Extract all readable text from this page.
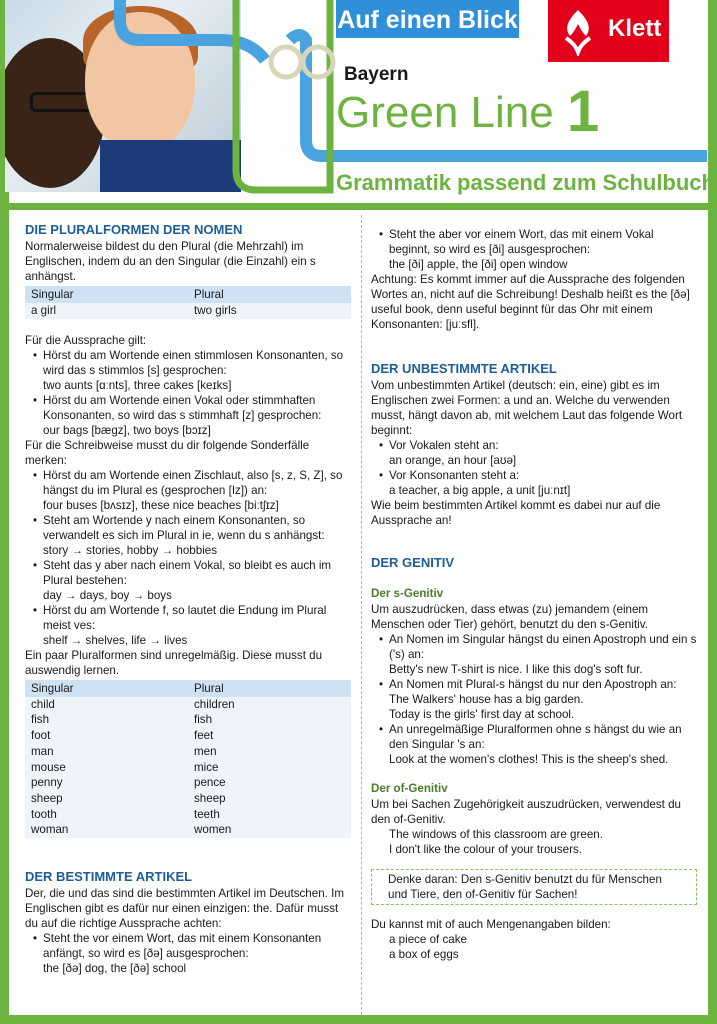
Auf einen Blick	Klett
Bayern
Green Line 1
Grammatik passend zum Schulbuch
DIE PLURALFORMEN DER NOMEN

Normalerweise bildest du den Plural (die Mehrzahl) im Englischen, indem du an den Singular (die Einzahl) ein s anhängst.

Singular	Plural
a girl	two girls

Für die Aussprache gilt:

• Hörst du am Wortende einen stimmlosen Konsonanten, so wird das s stimmlos [s] gesprochen:

two aunts [ɑːnts], three cakes [keɪks]

• Hörst du am Wortende einen Vokal oder stimmhaften Konsonanten, so wird das s stimmhaft [z] gesprochen:

our bags [bægz], two boys [bɔɪz]

Für die Schreibweise musst du dir folgende Sonderfälle merken:

• Hörst du am Wortende einen Zischlaut, also [s, z, S, Z], so hängst du im Plural es (gesprochen [Iz]) an:

four buses [bʌsɪz], these nice beaches [biːtʃɪz]

• Steht am Wortende y nach einem Konsonanten, so verwandelt es sich im Plural in ie, wenn du s anhängst:

story → stories, hobby → hobbies

• Steht das y aber nach einem Vokal, so bleibt es auch im Plural bestehen:

day → days, boy → boys

• Hörst du am Wortende f, so lautet die Endung im Plural meist ves:

shelf → shelves, life → lives

Ein paar Pluralformen sind unregelmäßig. Diese musst du auswendig lernen.

Singular	Plural
child	children
fish	fish
foot	feet
man	men
mouse	mice
penny	pence
sheep	sheep
tooth	teeth
woman	women
DER BESTIMMTE ARTIKEL

Der, die und das sind die bestimmten Artikel im Deutschen. Im Englischen gibt es dafür nur einen einzigen: the. Dafür musst du auf die richtige Aussprache achten:

• Steht the vor einem Wort, das mit einem Konsonanten anfängt, so wird es [ðə] ausgesprochen:

the [ðə] dog, the [ðə] school

• Steht the aber vor einem Wort, das mit einem Vokal beginnt, so wird es [ði] ausgesprochen:

the [ði] apple, the [ði] open window

Achtung: Es kommt immer auf die Aussprache des folgenden Wortes an, nicht auf die Schreibung! Deshalb heißt es the [ðə] useful book, denn useful beginnt für das Ohr mit einem Konsonanten: [juːsfl].

DER UNBESTIMMTE ARTIKEL

Vom unbestimmten Artikel (deutsch: ein, eine) gibt es im Englischen zwei Formen: a und an. Welche du verwenden musst, hängt davon ab, mit welchem Laut das folgende Wort beginnt:

• Vor Vokalen steht an:

an orange, an hour [aʊə]

• Vor Konsonanten steht a:

a teacher, a big apple, a unit [juːnɪt]

Wie beim bestimmten Artikel kommt es dabei nur auf die Aussprache an!

DER GENITIV
Der s-Genitiv

Um auszudrücken, dass etwas (zu) jemandem (einem Menschen oder Tier) gehört, benutzt du den s-Genitiv.

• An Nomen im Singular hängst du einen Apostroph und ein s ('s) an:

Betty's new T-shirt is nice. I like this dog's soft fur.

• An Nomen mit Plural-s hängst du nur den Apostroph an:

The Walkers' house has a big garden.

Today is the girls' first day at school.

• An unregelmäßige Pluralformen ohne s hängst du wie an den Singular 's an:

Look at the women's clothes! This is the sheep's shed.

Der of-Genitiv

Um bei Sachen Zugehörigkeit auszudrücken, verwendest du den of-Genitiv.

The windows of this classroom are green.

I don't like the colour of your trousers.

Denke daran: Den s-Genitiv benutzt du für Menschen und Tiere, den of-Genitiv für Sachen!

Du kannst mit of auch Mengenangaben bilden:

a piece of cake

a box of eggs
